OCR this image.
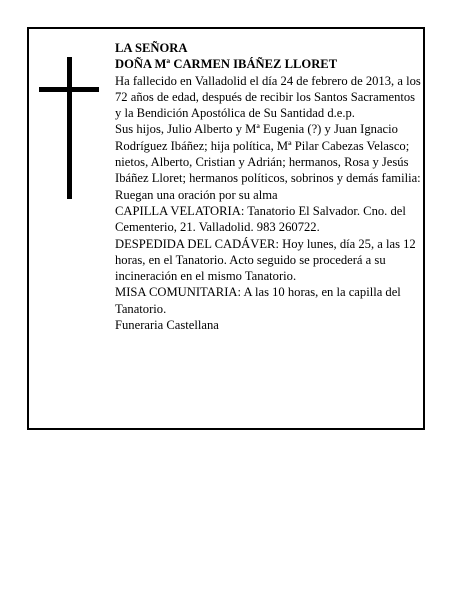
LA SEÑORA

DOÑA Mª CARMEN IBÁÑEZ LLORET

Ha fallecido en Valladolid el día 24 de febrero de 2013, a los 72 años de edad, después de recibir los Santos Sacramentos y la Bendición Apostólica de Su Santidad d.e.p.

Sus hijos, Julio Alberto y Mª Eugenia (?) y Juan Ignacio Rodríguez Ibáñez; hija política, Mª Pilar Cabezas Velasco; nietos, Alberto, Cristian y Adrián; hermanos, Rosa y Jesús Ibáñez Lloret; hermanos políticos, sobrinos y demás familia:

Ruegan una oración por su alma

CAPILLA VELATORIA: Tanatorio El Salvador. Cno. del Cementerio, 21. Valladolid. 983 260722.

DESPEDIDA DEL CADÁVER: Hoy lunes, día 25, a las 12 horas, en el Tanatorio. Acto seguido se procederá a su incineración en el mismo Tanatorio.

MISA COMUNITARIA: A las 10 horas, en la capilla del Tanatorio.

Funeraria Castellana
